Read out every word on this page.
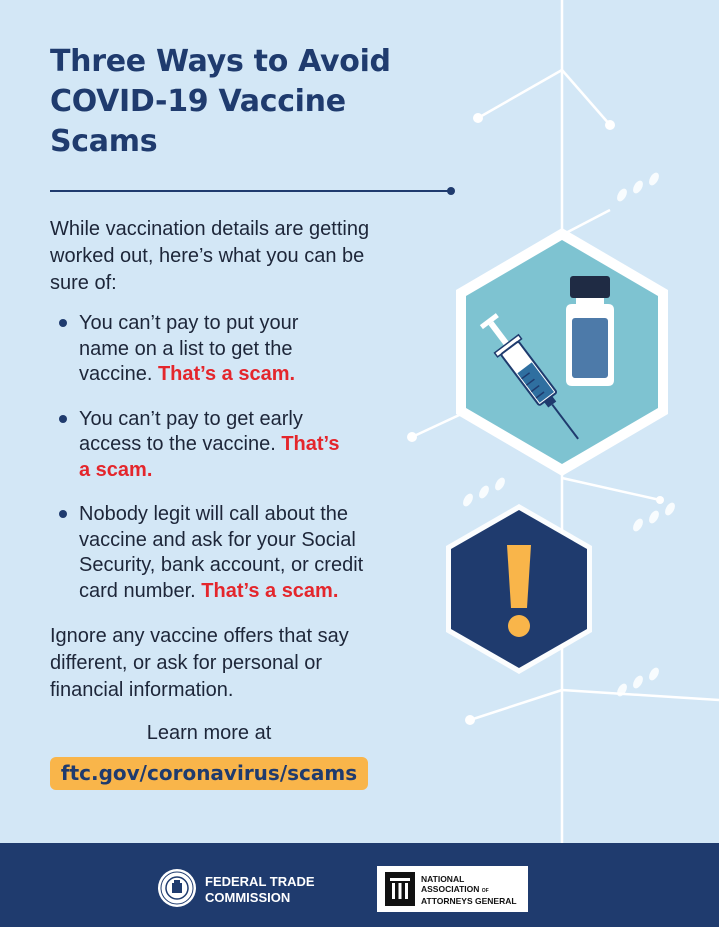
Three Ways to Avoid
COVID-19 Vaccine Scams

While vaccination details are getting worked out, here’s what you can be sure of:

You can’t pay to put your name on a list to get the vaccine. That’s a scam.
You can’t pay to get early access to the vaccine. That’s a scam.
Nobody legit will call about the vaccine and ask for your Social Security, bank account, or credit card number. That’s a scam.

Ignore any vaccine offers that say different, or ask for personal or financial information.

Learn more at
ftc.gov/coronavirus/scams
FEDERAL TRADE
COMMISSION
NATIONAL
ASSOCIATION OF
ATTORNEYS GENERAL
